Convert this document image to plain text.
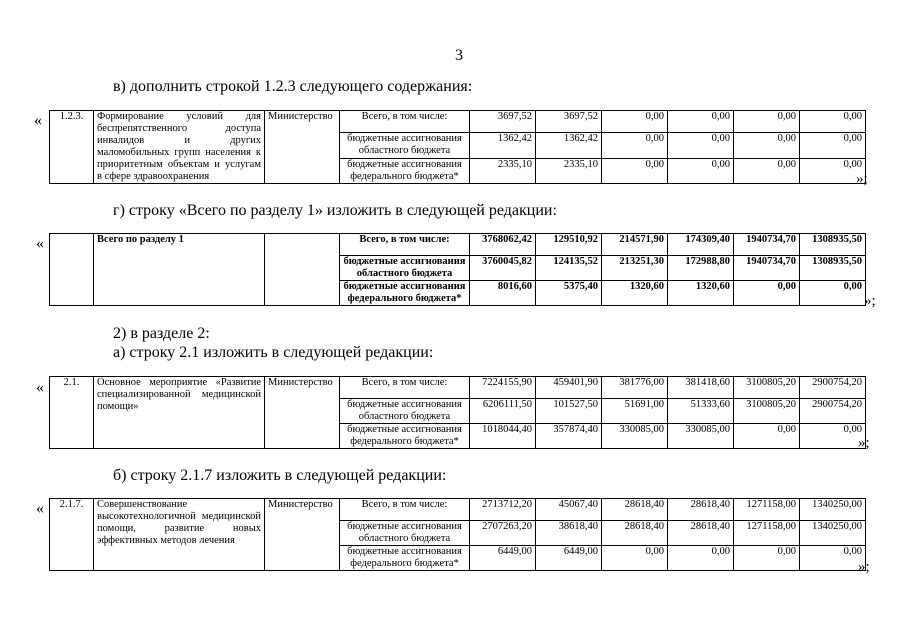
3
в) дополнить строкой 1.2.3 следующего содержания:
« 1.2.3.	Формирование условий для беспрепятственного доступа инвалидов и других маломобильных групп населения к приоритетным объектам и услугам в сфере здравоохранения	Министерство	Всего, в том числе:	3697,52	3697,52	0,00	0,00	0,00	0,00
			бюджетные ассигнования областного бюджета	1362,42	1362,42	0,00	0,00	0,00	0,00
			бюджетные ассигнования федерального бюджета*	2335,10	2335,10	0,00	0,00	0,00	0,00
»;
г) строку «Всего по разделу 1» изложить в следующей редакции:
«
		Всего по разделу 1		Всего, в том числе:	3768062,42	129510,92	214571,90	174309,40	1940734,70	1308935,50
			бюджетные ассигнования областного бюджета	3760045,82	124135,52	213251,30	172988,80	1940734,70	1308935,50
			бюджетные ассигнования федерального бюджета*	8016,60	5375,40	1320,60	1320,60	0,00	0,00
»;
2) в разделе 2:
а) строку 2.1 изложить в следующей редакции:
« 2.1.	Основное мероприятие «Развитие специализированной медицинской помощи»	Министерство	Всего, в том числе:	7224155,90	459401,90	381776,00	381418,60	3100805,20	2900754,20
			бюджетные ассигнования областного бюджета	6206111,50	101527,50	51691,00	51333,60	3100805,20	2900754,20
			бюджетные ассигнования федерального бюджета*	1018044,40	357874,40	330085,00	330085,00	0,00	0,00
»;
б) строку 2.1.7 изложить в следующей редакции:
« 2.1.7.	Совершенствование высокотехнологичной медицинской помощи, развитие новых эффективных методов лечения	Министерство	Всего, в том числе:	2713712,20	45067,40	28618,40	28618,40	1271158,00	1340250,00
			бюджетные ассигнования областного бюджета	2707263,20	38618,40	28618,40	28618,40	1271158,00	1340250,00
			бюджетные ассигнования федерального бюджета*	6449,00	6449,00	0,00	0,00	0,00	0,00
»;
